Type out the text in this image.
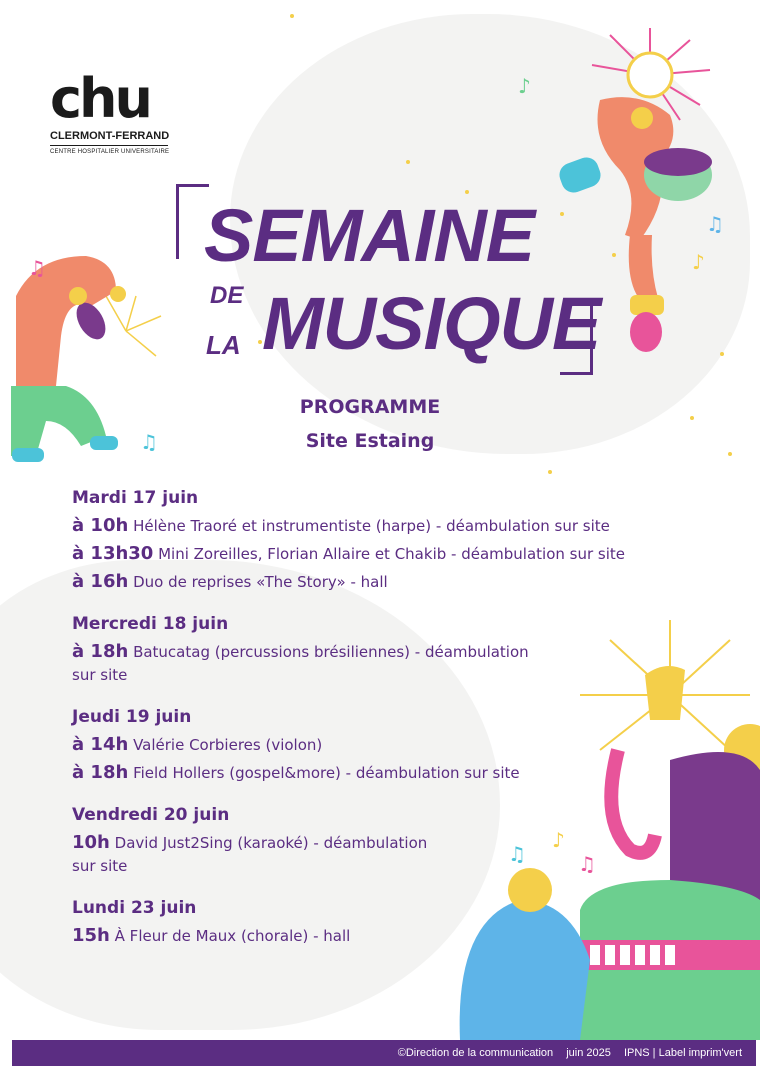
chu
CLERMONT-FERRAND
CENTRE HOSPITALIER UNIVERSITAIRE
♪
♫
♪
♫
♫
♫
♪
♫
SEMAINE
DE
LA MUSIQUE
PROGRAMME
Site Estaing
Mardi 17 juin
à 10h Hélène Traoré et instrumentiste (harpe) - déambulation sur site
à 13h30 Mini Zoreilles, Florian Allaire et Chakib - déambulation sur site
à 16h Duo de reprises «The Story» - hall
Mercredi 18 juin
à 18h Batucatag (percussions brésiliennes) - déambulation
sur site
Jeudi 19 juin
à 14h Valérie Corbieres (violon)
à 18h Field Hollers (gospel&more) - déambulation sur site
Vendredi 20 juin
10h David Just2Sing (karaoké) - déambulation
sur site
Lundi 23 juin
15h À Fleur de Maux (chorale) - hall
©Direction de la communication juin 2025 IPNS | Label imprim'vert
